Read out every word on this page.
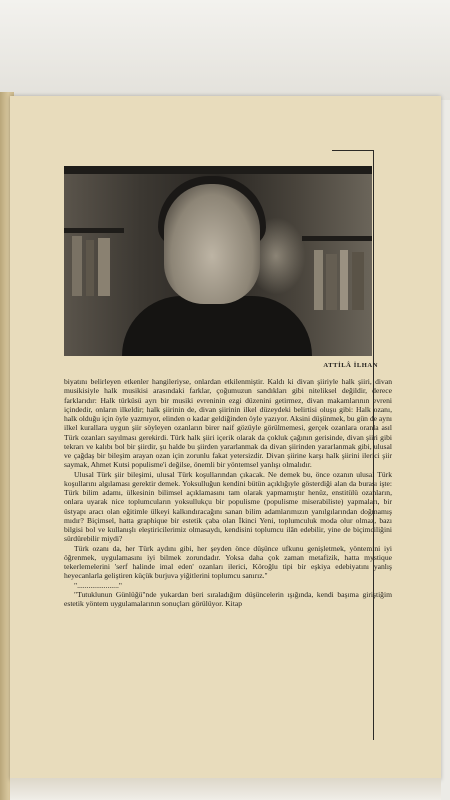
ATTİLÂ İLHAN

biyatını belirleyen etkenler hangileriyse, onlardan etkilenmiştir. Kaldı ki divan şiiriyle halk şiiri, divan musikisiyle halk musikisi arasındaki farklar, çoğumuzun sandıkları gibi niteliksel değildir, derece farklarıdır: Halk türküsü ayrı bir musiki evreninin ezgi düzenini getirmez, divan makamlarının evreni içindedir, onların ilkeldir; halk şiirinin de, divan şiirinin ilkel düzeydeki belirtisi oluşu gibi: Halk ozanı, halk olduğu için öyle yazmıyor, elinden o kadar geldiğinden öyle yazıyor. Aksini düşünmek, bu gün de aynı ilkel kurallara uygun şiir söyleyen ozanların birer naif gözüyle görülmemesi, gerçek ozanlara oranla asıl Türk ozanları sayılması gerekirdi. Türk halk şiiri içerik olarak da çokluk çağının gerisinde, divan şiiri gibi tekrarı ve kalıbı bol bir şiirdir, şu halde bu şiirden yararlanmak da divan şiirinden yararlanmak gibi, ulusal ve çağdaş bir bileşim arayan ozan için zorunlu fakat yetersizdir. Divan şiirine karşı halk şiirini ilerici şiir saymak, Ahmet Kutsi populisme'i değilse, önemli bir yöntemsel yanlışı olmalıdır.

Ulusal Türk şiir bileşimi, ulusal Türk koşullarından çıkacak. Ne demek bu, önce ozanın ulusal Türk koşullarını algılaması gerektir demek. Yoksulluğun kendini bütün açıklığıyle gösterdiği alan da burası işte: Türk bilim adamı, ülkesinin bilimsel açıklamasını tam olarak yapmamıştır henüz, enstitülü ozanların, onlara uyarak nice toplumcuların yoksullukçu bir populisme (populisme miserabiliste) yapmaları, bir üstyapı aracı olan eğitimle ülkeyi kalkındıracağını sanan bilim adamlarımızın yanılgılarından doğmamış mıdır? Biçimsel, hatta graphique bir estetik çaba olan İkinci Yeni, toplumculuk moda olur olmaz, bazı bilgisi bol ve kullanışlı eleştiricilerimiz olmasaydı, kendisini toplumcu ilân edebilir, yine de biçimciliğini sürdürebilir miydi?

Türk ozanı da, her Türk aydını gibi, her şeyden önce düşünce ufkunu genişletmek, yöntemini iyi öğrenmek, uygulamasını iyi bilmek zorundadır. Yoksa daha çok zaman metafizik, hatta mystique tekerlemelerini 'serf halinde imal eden' ozanları ilerici, Köroğlu tipi bir eşkiya edebiyatını yanlış heyecanlarla geliştiren küçük burjuva yiğitlerini toplumcu sanırız."

"......................"

"Tutuklunun Günlüğü"nde yukardan beri sıraladığım düşüncelerin ışığında, kendi başıma giriştiğim estetik yöntem uygulamalarının sonuçları görülüyor. Kitap
